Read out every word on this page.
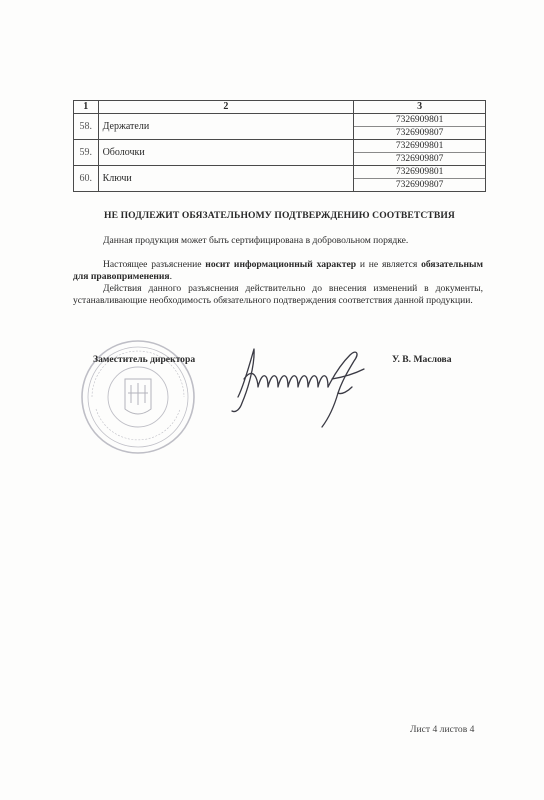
1	2	3
58.	Держатели	7326909801
7326909807

59.	Оболочки	7326909801
7326909807

60.	Ключи	7326909801
7326909807
НЕ ПОДЛЕЖИТ ОБЯЗАТЕЛЬНОМУ ПОДТВЕРЖДЕНИЮ СООТВЕТСТВИЯ
Данная продукция может быть сертифицирована в добровольном порядке.
Настоящее разъяснение носит информационный характер и не является обязательным для правоприменения.
Действия данного разъяснения действительно до внесения изменений в документы, устанавливающие необходимость обязательного подтверждения соответствия данной продукции.
Заместитель директора	У. В. Маслова
Лист 4 листов 4
